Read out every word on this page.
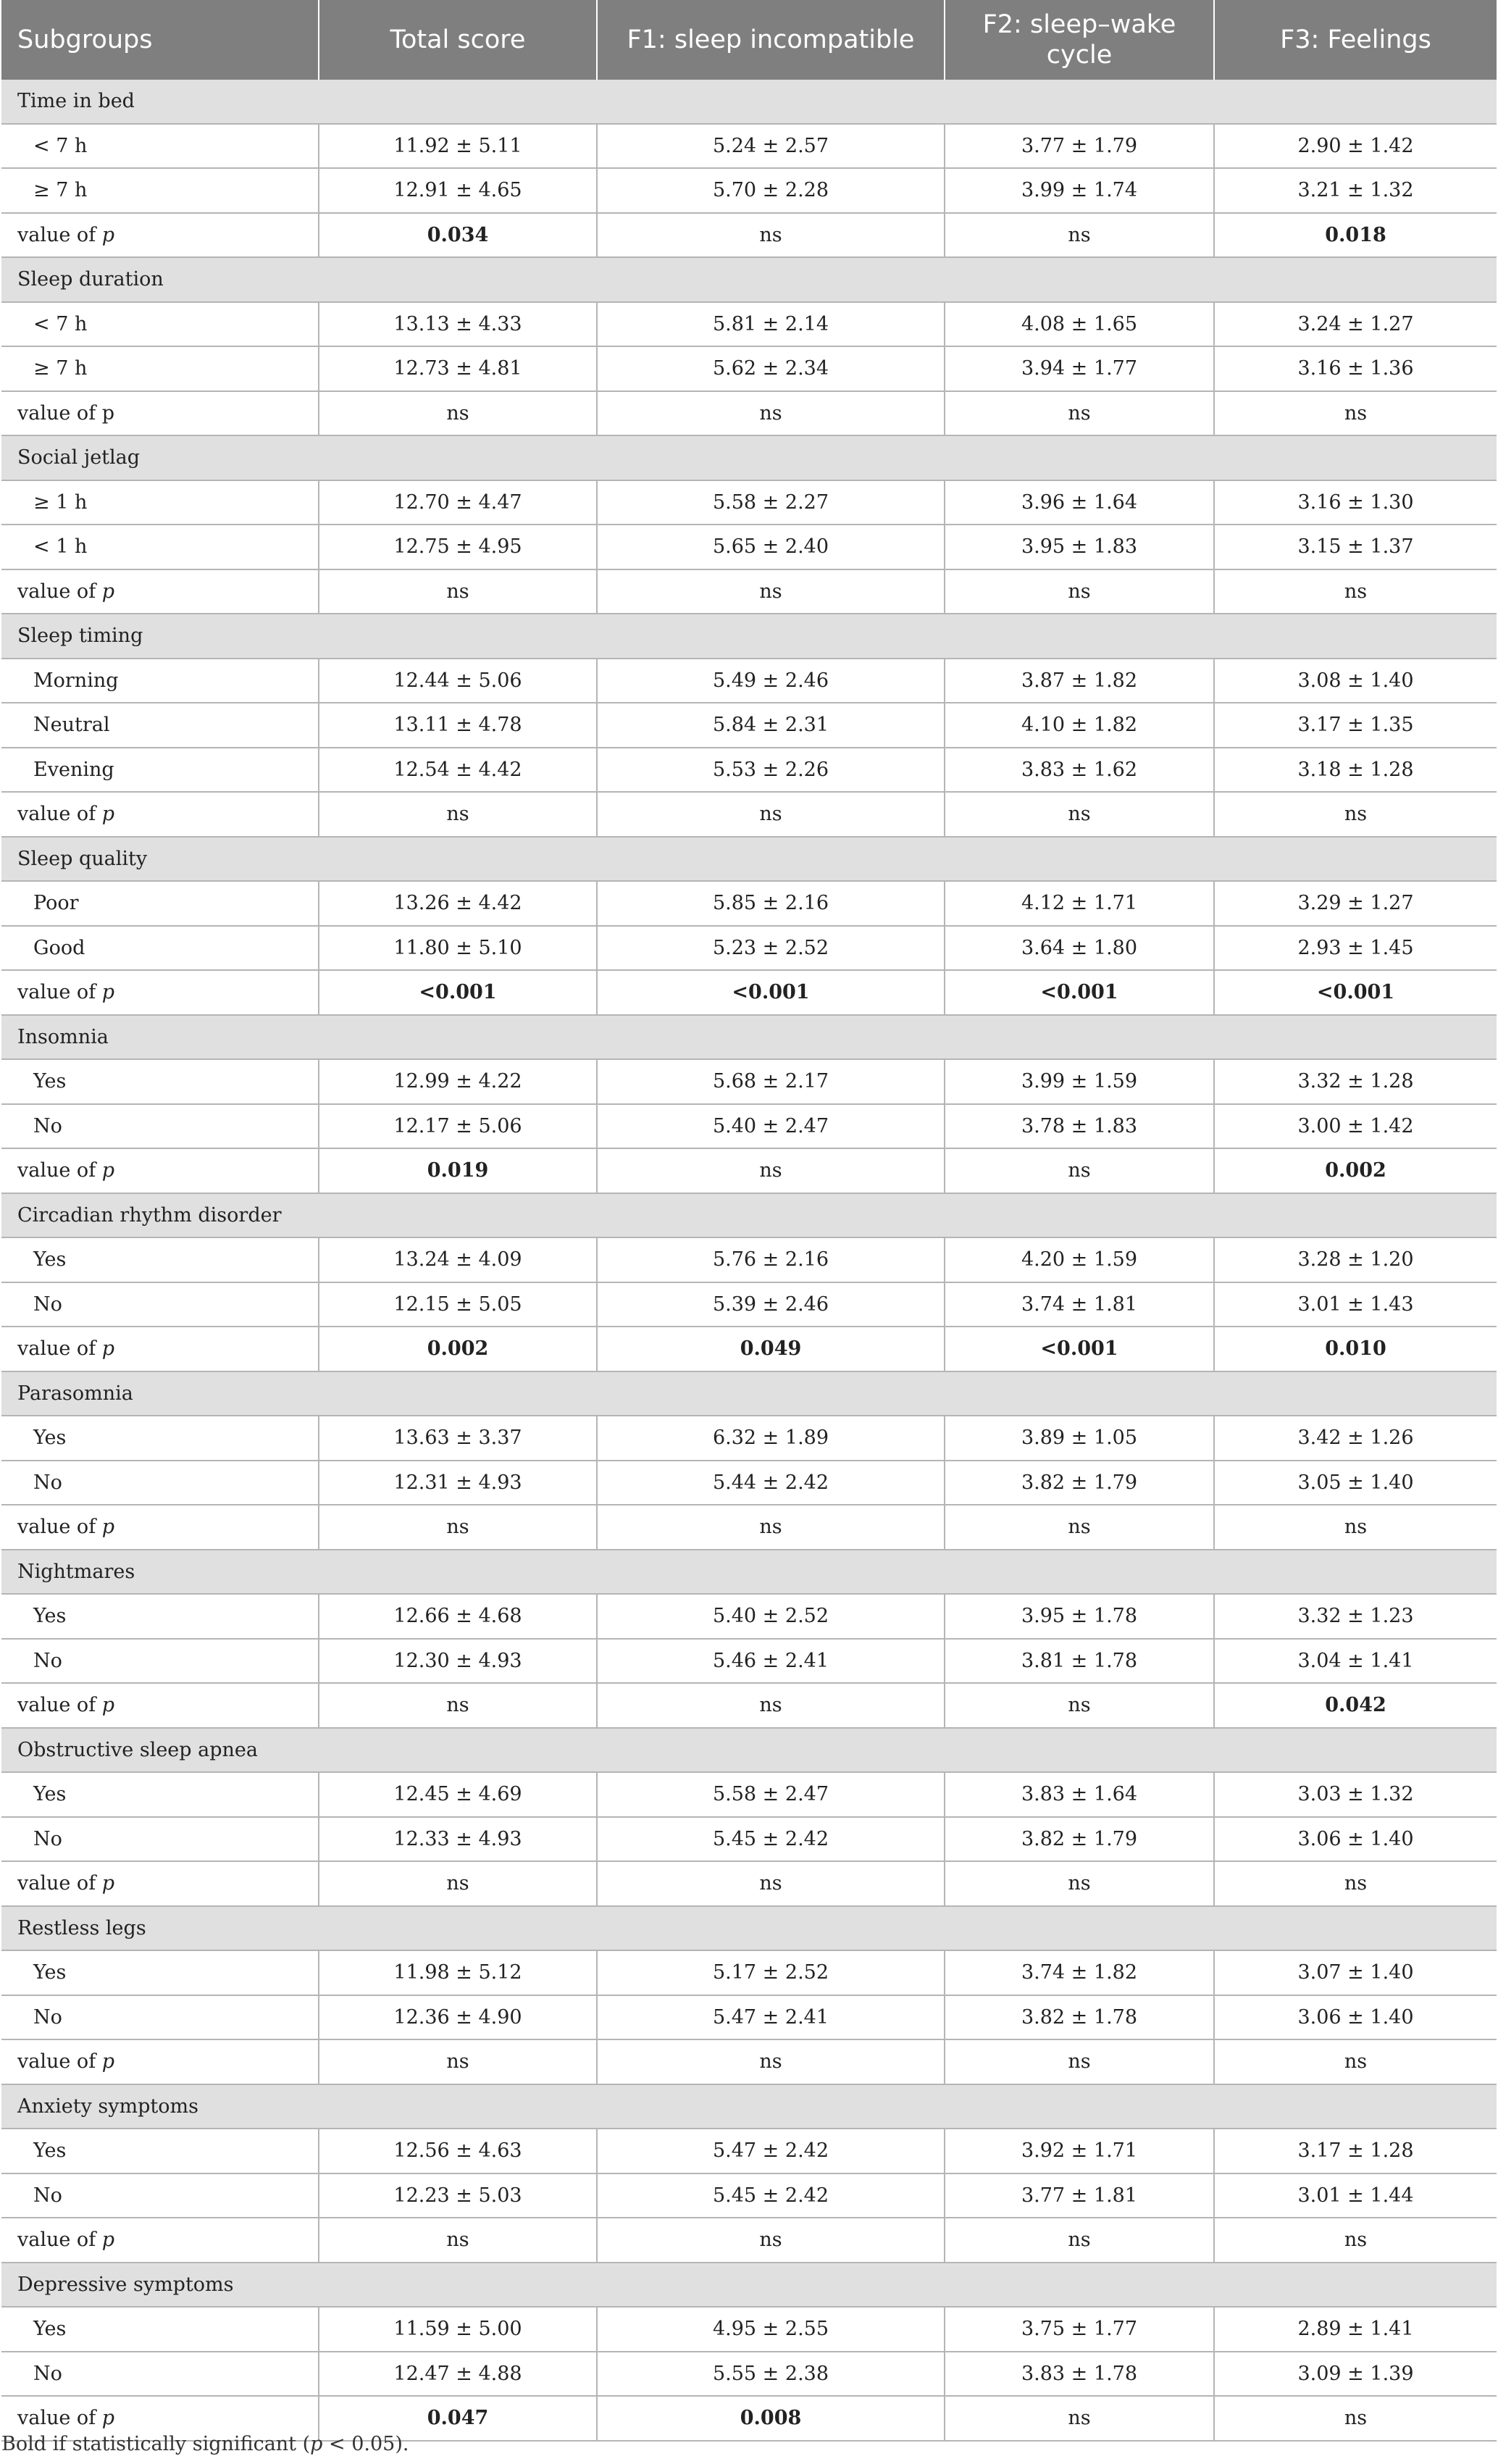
Subgroups	Total score	F1: sleep incompatible	F2: sleep–wake cycle	F3: Feelings
Time in bed				
< 7 h	11.92 ± 5.11	5.24 ± 2.57	3.77 ± 1.79	2.90 ± 1.42
≥ 7 h	12.91 ± 4.65	5.70 ± 2.28	3.99 ± 1.74	3.21 ± 1.32
value of p	0.034	ns	ns	0.018
Sleep duration				
< 7 h	13.13 ± 4.33	5.81 ± 2.14	4.08 ± 1.65	3.24 ± 1.27
≥ 7 h	12.73 ± 4.81	5.62 ± 2.34	3.94 ± 1.77	3.16 ± 1.36
value of p	ns	ns	ns	ns
Social jetlag				
≥ 1 h	12.70 ± 4.47	5.58 ± 2.27	3.96 ± 1.64	3.16 ± 1.30
< 1 h	12.75 ± 4.95	5.65 ± 2.40	3.95 ± 1.83	3.15 ± 1.37
value of p	ns	ns	ns	ns
Sleep timing				
Morning	12.44 ± 5.06	5.49 ± 2.46	3.87 ± 1.82	3.08 ± 1.40
Neutral	13.11 ± 4.78	5.84 ± 2.31	4.10 ± 1.82	3.17 ± 1.35
Evening	12.54 ± 4.42	5.53 ± 2.26	3.83 ± 1.62	3.18 ± 1.28
value of p	ns	ns	ns	ns
Sleep quality				
Poor	13.26 ± 4.42	5.85 ± 2.16	4.12 ± 1.71	3.29 ± 1.27
Good	11.80 ± 5.10	5.23 ± 2.52	3.64 ± 1.80	2.93 ± 1.45
value of p	<0.001	<0.001	<0.001	<0.001
Insomnia				
Yes	12.99 ± 4.22	5.68 ± 2.17	3.99 ± 1.59	3.32 ± 1.28
No	12.17 ± 5.06	5.40 ± 2.47	3.78 ± 1.83	3.00 ± 1.42
value of p	0.019	ns	ns	0.002
Circadian rhythm disorder				
Yes	13.24 ± 4.09	5.76 ± 2.16	4.20 ± 1.59	3.28 ± 1.20
No	12.15 ± 5.05	5.39 ± 2.46	3.74 ± 1.81	3.01 ± 1.43
value of p	0.002	0.049	<0.001	0.010
Parasomnia				
Yes	13.63 ± 3.37	6.32 ± 1.89	3.89 ± 1.05	3.42 ± 1.26
No	12.31 ± 4.93	5.44 ± 2.42	3.82 ± 1.79	3.05 ± 1.40
value of p	ns	ns	ns	ns
Nightmares				
Yes	12.66 ± 4.68	5.40 ± 2.52	3.95 ± 1.78	3.32 ± 1.23
No	12.30 ± 4.93	5.46 ± 2.41	3.81 ± 1.78	3.04 ± 1.41
value of p	ns	ns	ns	0.042
Obstructive sleep apnea				
Yes	12.45 ± 4.69	5.58 ± 2.47	3.83 ± 1.64	3.03 ± 1.32
No	12.33 ± 4.93	5.45 ± 2.42	3.82 ± 1.79	3.06 ± 1.40
value of p	ns	ns	ns	ns
Restless legs				
Yes	11.98 ± 5.12	5.17 ± 2.52	3.74 ± 1.82	3.07 ± 1.40
No	12.36 ± 4.90	5.47 ± 2.41	3.82 ± 1.78	3.06 ± 1.40
value of p	ns	ns	ns	ns
Anxiety symptoms				
Yes	12.56 ± 4.63	5.47 ± 2.42	3.92 ± 1.71	3.17 ± 1.28
No	12.23 ± 5.03	5.45 ± 2.42	3.77 ± 1.81	3.01 ± 1.44
value of p	ns	ns	ns	ns
Depressive symptoms				
Yes	11.59 ± 5.00	4.95 ± 2.55	3.75 ± 1.77	2.89 ± 1.41
No	12.47 ± 4.88	5.55 ± 2.38	3.83 ± 1.78	3.09 ± 1.39
value of p	0.047	0.008	ns	ns
Bold if statistically significant (p < 0.05).
